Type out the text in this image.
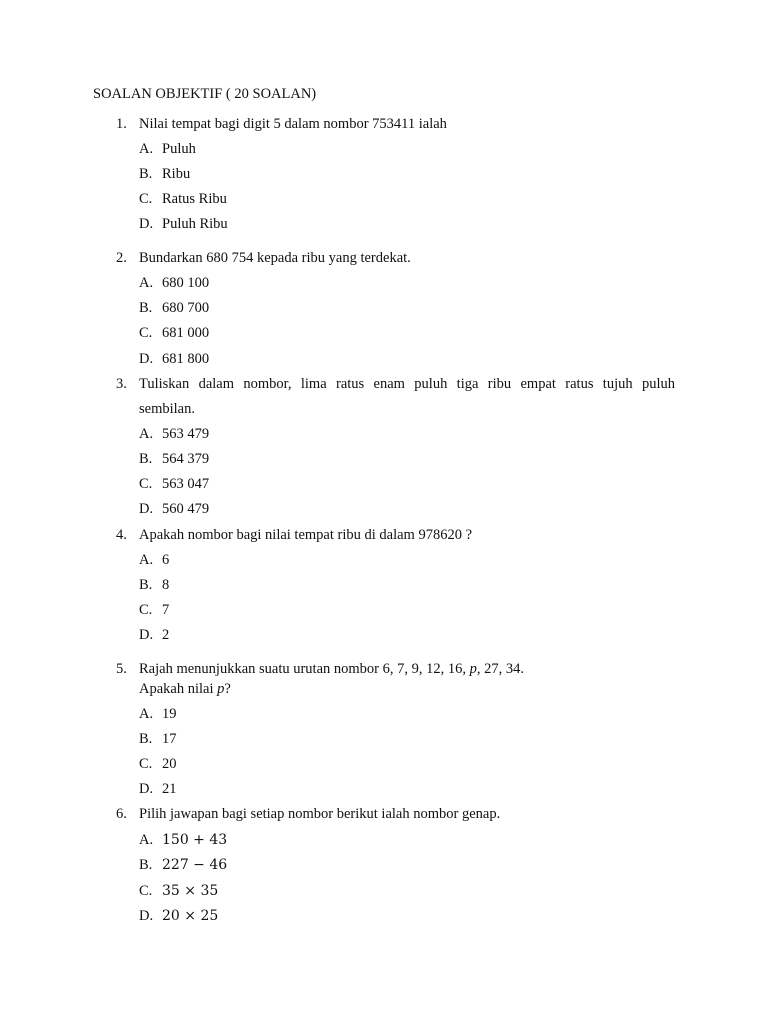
SOALAN OBJEKTIF ( 20 SOALAN)
1. Nilai tempat bagi digit 5 dalam nombor 753411 ialah
A. Puluh
B. Ribu
C. Ratus Ribu
D. Puluh Ribu
2. Bundarkan 680 754 kepada ribu yang terdekat.
A. 680 100
B. 680 700
C. 681 000
D. 681 800
3. Tuliskan dalam nombor, lima ratus enam puluh tiga ribu empat ratus tujuh puluh
sembilan.
A. 563 479
B. 564 379
C. 563 047
D. 560 479
4. Apakah nombor bagi nilai tempat ribu di dalam 978620 ?
A. 6
B. 8
C. 7
D. 2
5. Rajah menunjukkan suatu urutan nombor 6, 7, 9, 12, 16, p, 27, 34.
Apakah nilai p?
A. 19
B. 17
C. 20
D. 21
6. Pilih jawapan bagi setiap nombor berikut ialah nombor genap.
A. 150 + 43
B. 227 − 46
C. 35 × 35
D. 20 × 25
